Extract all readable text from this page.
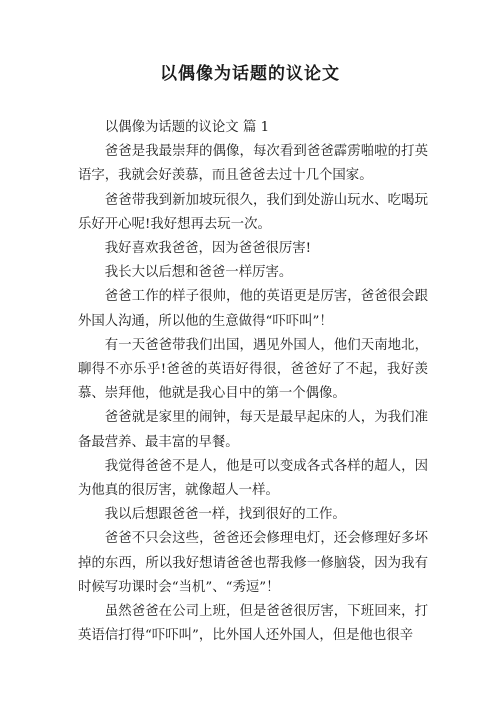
以偶像为话题的议论文

以偶像为话题的议论文 篇 1

爸爸是我最崇拜的偶像，每次看到爸爸霹雳啪啦的打英语字，我就会好羡慕，而且爸爸去过十几个国家。

爸爸带我到新加坡玩很久，我们到处游山玩水、吃喝玩乐好开心呢!我好想再去玩一次。

我好喜欢我爸爸，因为爸爸很厉害!

我长大以后想和爸爸一样厉害。

爸爸工作的样子很帅，他的英语更是厉害，爸爸很会跟外国人沟通，所以他的生意做得“吓吓叫”！

有一天爸爸带我们出国，遇见外国人，他们天南地北，聊得不亦乐乎!爸爸的英语好得很，爸爸好了不起，我好羡慕、崇拜他，他就是我心目中的第一个偶像。

爸爸就是家里的闹钟，每天是最早起床的人，为我们准备最营养、最丰富的早餐。

我觉得爸爸不是人，他是可以变成各式各样的超人，因为他真的很厉害，就像超人一样。

我以后想跟爸爸一样，找到很好的工作。

爸爸不只会这些，爸爸还会修理电灯，还会修理好多坏掉的东西，所以我好想请爸爸也帮我修一修脑袋，因为我有时候写功课时会“当机”、“秀逗”！

虽然爸爸在公司上班，但是爸爸很厉害，下班回来，打英语信打得“吓吓叫”，比外国人还外国人，但是他也很辛
